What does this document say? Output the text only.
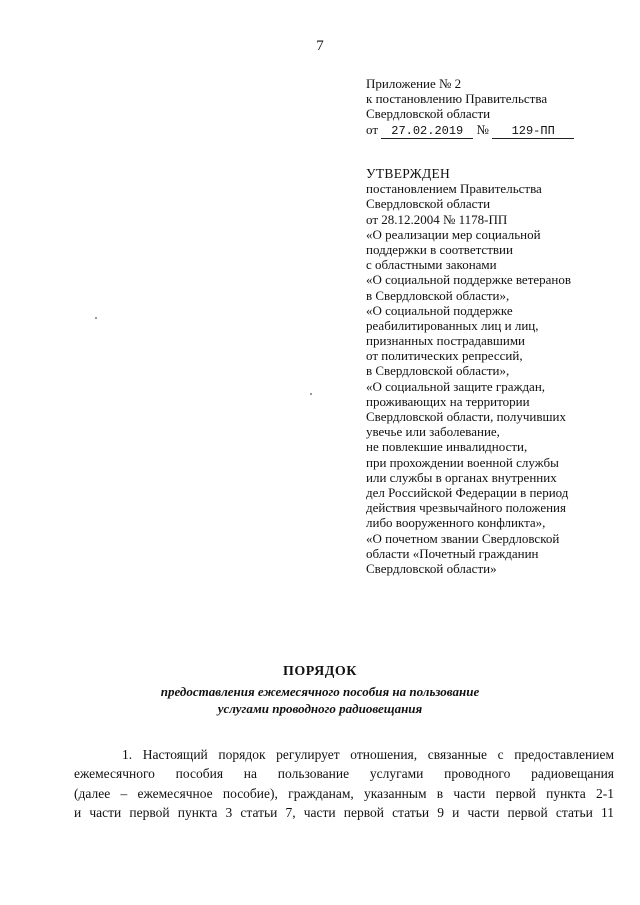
7
Приложение № 2
к постановлению Правительства
Свердловской области
от 27.02.2019 № 129-ПП
УТВЕРЖДЕН
постановлением Правительства
Свердловской области
от 28.12.2004 № 1178-ПП
«О реализации мер социальной
поддержки в соответствии
с областными законами
«О социальной поддержке ветеранов
в Свердловской области»,
«О социальной поддержке
реабилитированных лиц и лиц,
признанных пострадавшими
от политических репрессий,
в Свердловской области»,
«О социальной защите граждан,
проживающих на территории
Свердловской области, получивших
увечье или заболевание,
не повлекшие инвалидности,
при прохождении военной службы
или службы в органах внутренних
дел Российской Федерации в период
действия чрезвычайного положения
либо вооруженного конфликта»,
«О почетном звании Свердловской
области «Почетный гражданин
Свердловской области»
ПОРЯДОК
предоставления ежемесячного пособия на пользование
услугами проводного радиовещания
1. Настоящий порядок регулирует отношения, связанные с предоставлением
ежемесячного пособия на пользование услугами проводного радиовещания
(далее – ежемесячное пособие), гражданам, указанным в части первой пункта 2-1
и части первой пункта 3 статьи 7, части первой статьи 9 и части первой статьи 11
